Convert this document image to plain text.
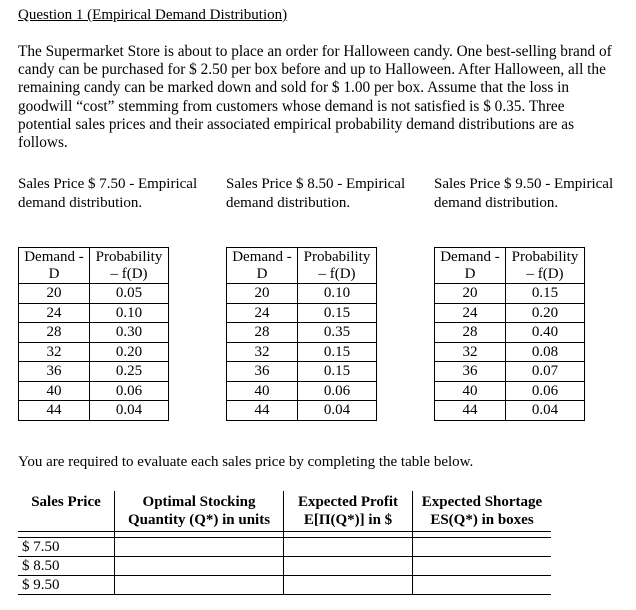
Question 1 (Empirical Demand Distribution)

The Supermarket Store is about to place an order for Halloween candy. One best-selling brand of candy can be purchased for $ 2.50 per box before and up to Halloween. After Halloween, all the remaining candy can be marked down and sold for $ 1.00 per box. Assume that the loss in goodwill “cost” stemming from customers whose demand is not satisfied is $ 0.35. Three potential sales prices and their associated empirical probability demand distributions are as follows.

Sales Price $ 7.50 - Empirical demand distribution.

Demand - D	Probability – f(D)
20	0.05
24	0.10
28	0.30
32	0.20
36	0.25
40	0.06
44	0.04

Sales Price $ 8.50 - Empirical demand distribution.

Demand - D	Probability – f(D)
20	0.10
24	0.15
28	0.35
32	0.15
36	0.15
40	0.06
44	0.04

Sales Price $ 9.50 - Empirical demand distribution.

Demand - D	Probability – f(D)
20	0.15
24	0.20
28	0.40
32	0.08
36	0.07
40	0.06
44	0.04
You are required to evaluate each sales price by completing the table below.
Sales Price	Optimal Stocking Quantity (Q*) in units	Expected Profit E[Π(Q*)] in $	Expected Shortage ES(Q*) in boxes

$ 7.50			
$ 8.50			
$ 9.50			
